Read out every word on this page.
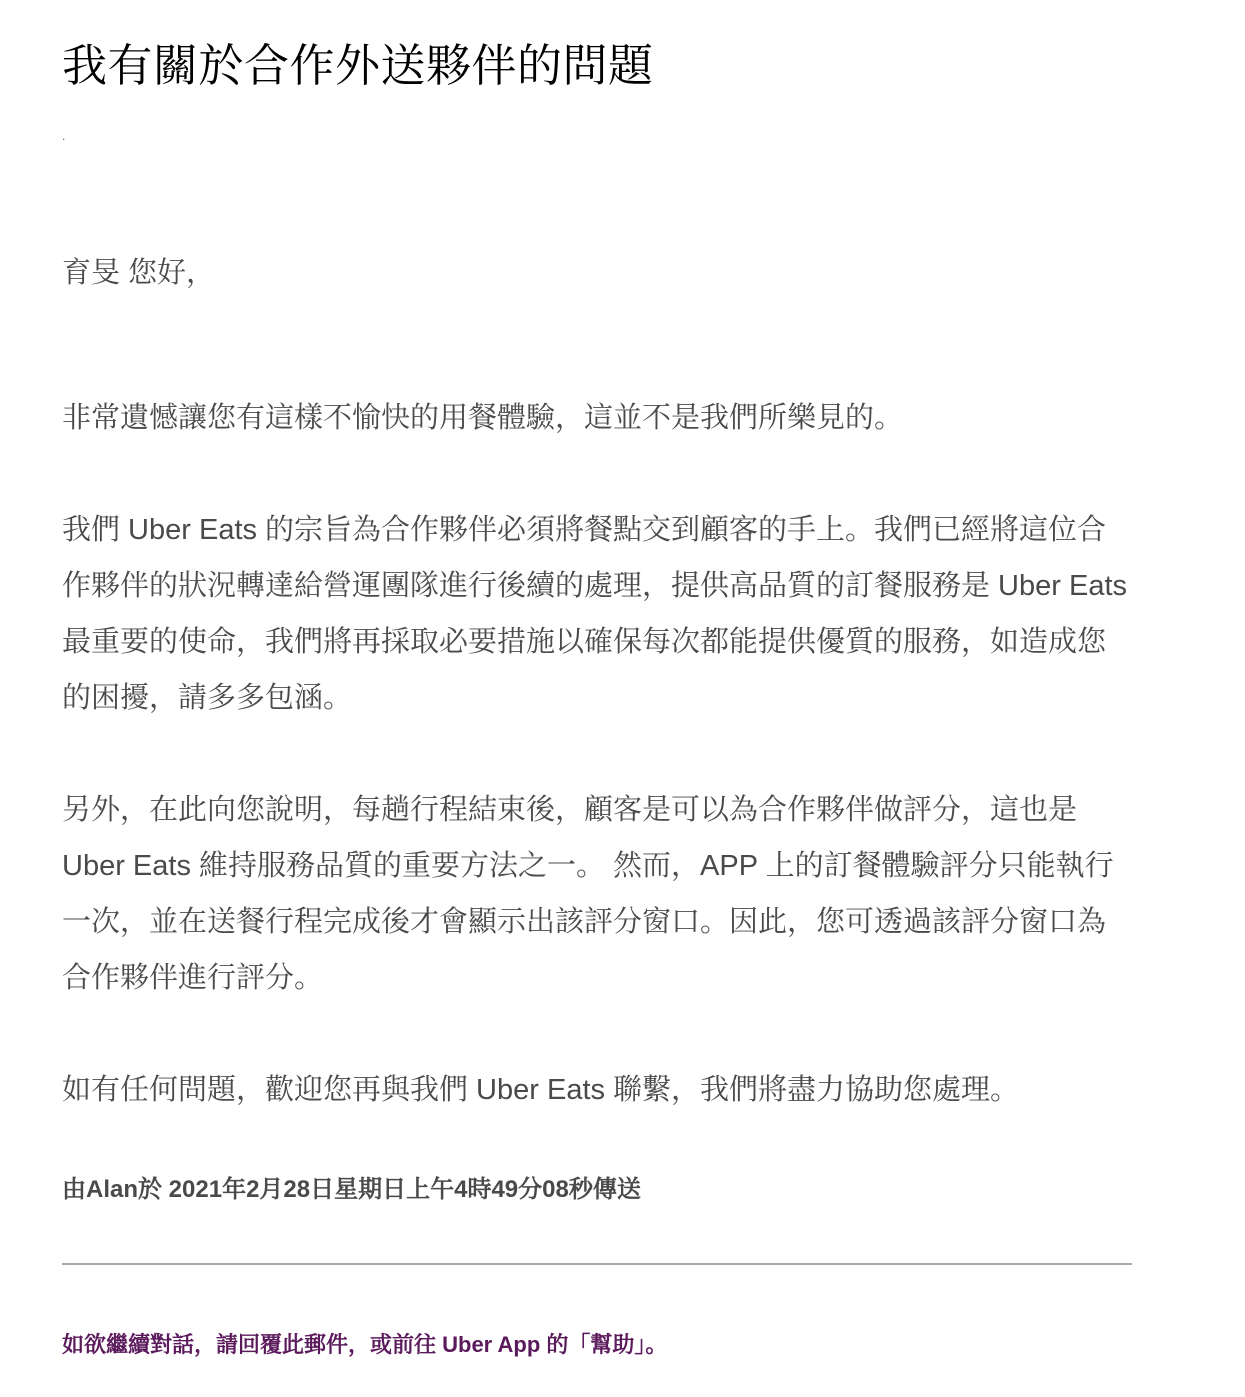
我有關於合作外送夥伴的問題
.

育旻 您好，

非常遺憾讓您有這樣不愉快的用餐體驗，這並不是我們所樂見的。

我們 Uber Eats 的宗旨為合作夥伴必須將餐點交到顧客的手上。我們已經將這位合作夥伴的狀況轉達給營運團隊進行後續的處理，提供高品質的訂餐服務是 Uber Eats 最重要的使命，我們將再採取必要措施以確保每次都能提供優質的服務，如造成您的困擾，請多多包涵。

另外，在此向您說明，每趟行程結束後，顧客是可以為合作夥伴做評分，這也是 Uber Eats 維持服務品質的重要方法之一。 然而，APP 上的訂餐體驗評分只能執行一次，並在送餐行程完成後才會顯示出該評分窗口。因此，您可透過該評分窗口為合作夥伴進行評分。

如有任何問題，歡迎您再與我們 Uber Eats 聯繫，我們將盡力協助您處理。

由Alan於 2021年2月28日星期日上午4時49分08秒傳送

如欲繼續對話，請回覆此郵件，或前往 Uber App 的「幫助」。
